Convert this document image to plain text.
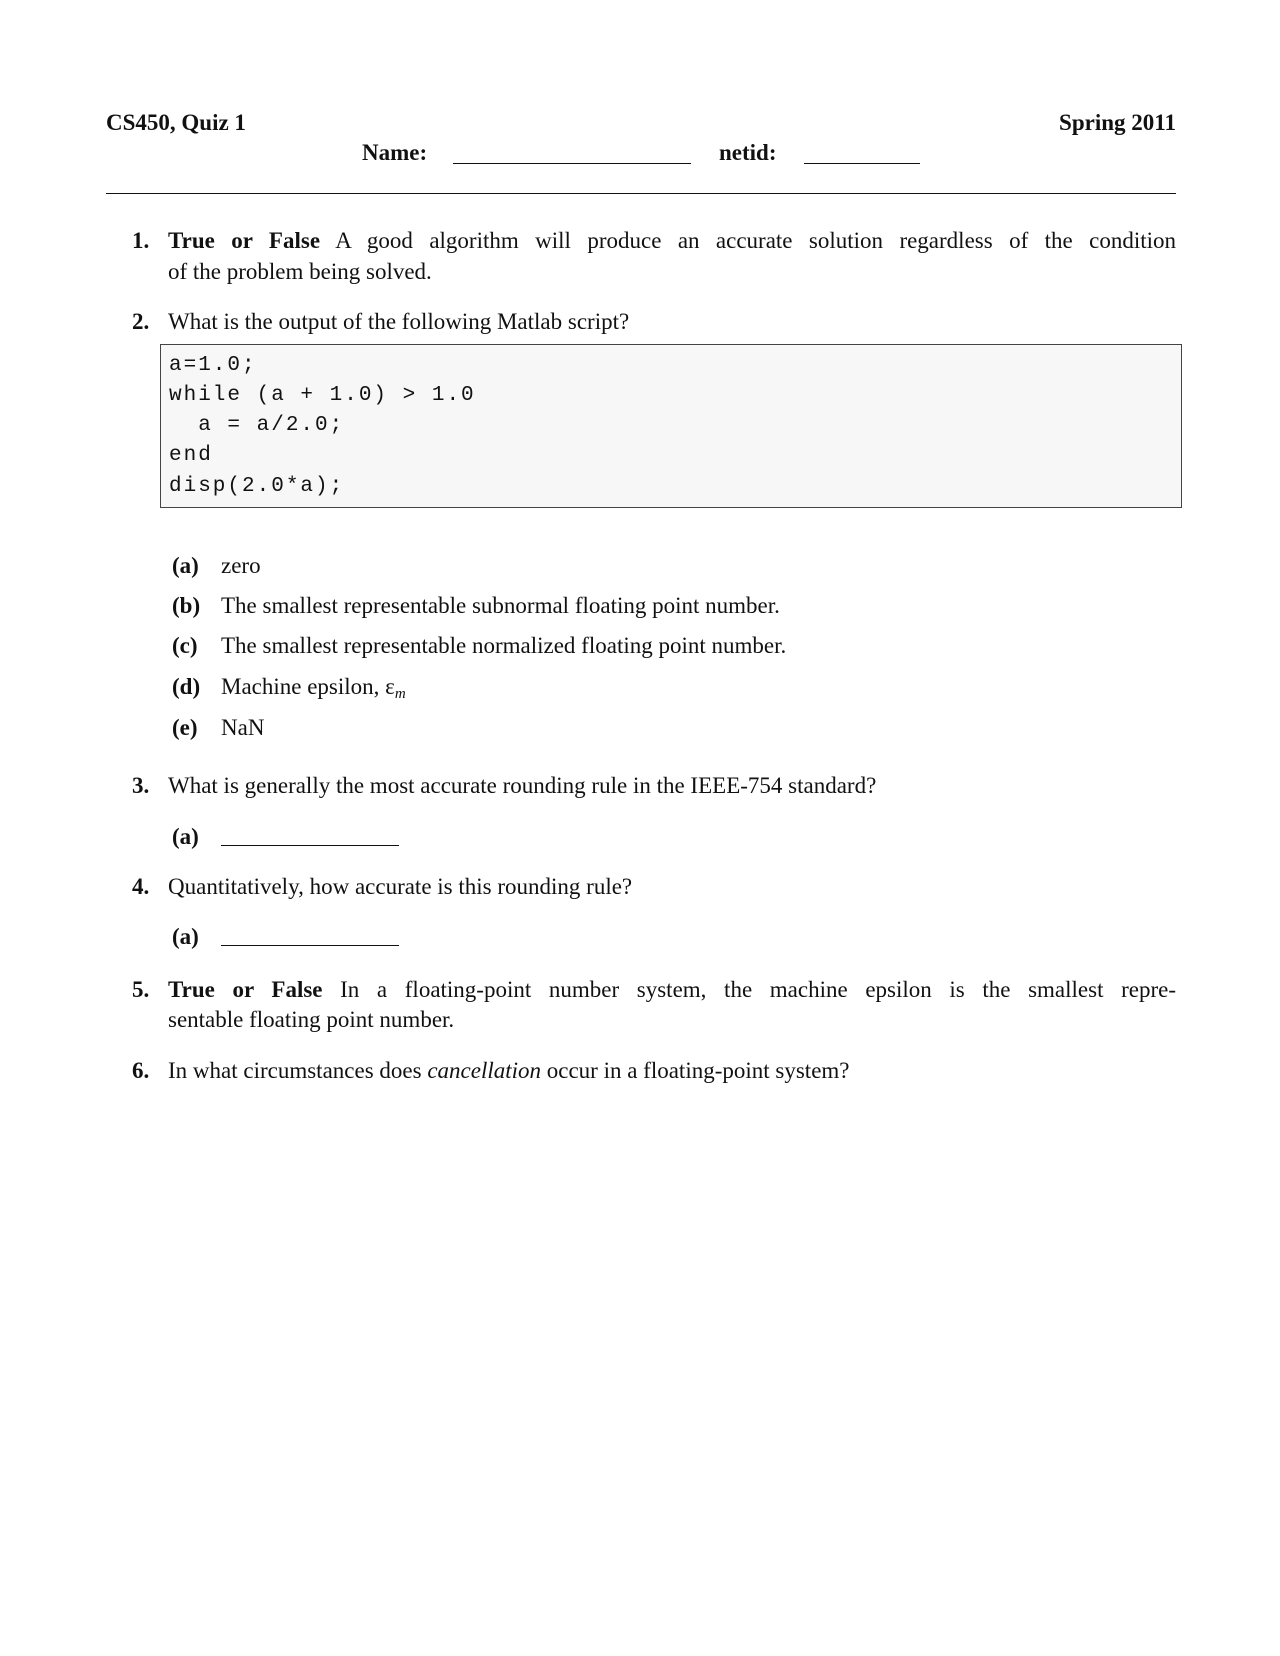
CS450, Quiz 1	Spring 2011
Name:	netid:
1. True or False A good algorithm will produce an accurate solution regardless of the condition
of the problem being solved.
2. What is the output of the following Matlab script?
a=1.0;
while (a + 1.0) > 1.0
a = a/2.0;
end
disp(2.0*a);
(a) zero
(b) The smallest representable subnormal floating point number.
(c) The smallest representable normalized floating point number.
(d) Machine epsilon, $\varepsilon_m$
(e) NaN
3. What is generally the most accurate rounding rule in the IEEE-754 standard?
(a)
4. Quantitatively, how accurate is this rounding rule?
(a)
5. True or False In a floating-point number system, the machine epsilon is the smallest repre-
sentable floating point number.
6. In what circumstances does cancellation occur in a floating-point system?
